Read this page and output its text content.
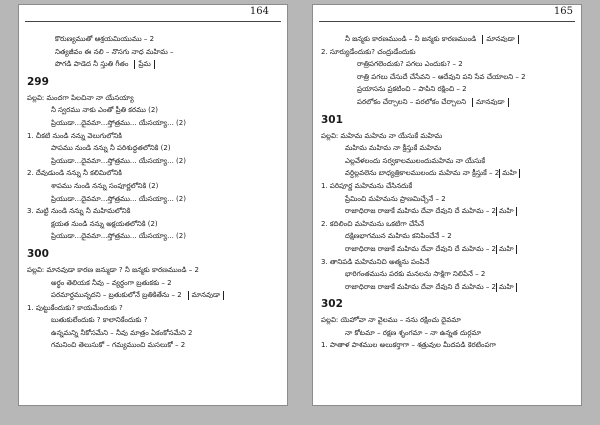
164
కొరుణ్యముతో ఆశ్రయమియుము – 2
నిత్యజీవం ఈ నలి – నొసగు నాధ మహిమ –
పొగడి పాడెద నీ స్తుతి గీతం ప్రేమ
299
పల్లవి: మందగా పిలచినా నా యేసయ్యా
నీ స్వరము నాకు ఎంతో ప్రీతి కరము (2)
ప్రియుడా...దైవమా...స్తోత్రము... యేసయ్యా... (2)
1. చీకటి నుండి నన్ను వెలుగులోనికి
పాపము నుండి నన్ను నీ పరిశుద్ధతలోనికి (2)
ప్రియుడా...దైవమా...స్తోత్రము... యేసయ్యా... (2)
2. దేవుడుండి నన్ను నీ కలిమిలోనికి
శాపము నుండి నన్ను సంపూర్ణలోనికి (2)
ప్రియుడా...దైవమా...స్తోత్రము... యేసయ్యా... (2)
3. మట్టి నుండి నన్ను నీ మహిమలోనికి
క్షయత నుండి నన్ను అక్షయతలోనికి (2)
ప్రియుడా...దైవమా...స్తోత్రము... యేసయ్యా... (2)
300
పల్లవి: మానవుడా కారణ జన్ముడా ? నీ జన్మకు కారణముండి – 2
అర్థం తెలియక నీవు – వ్యర్థంగా బ్రతుకకు – 2
పరమార్థమున్నదని – బ్రతుకులోనే బ్రతికితేను – 2 మానవుడా
1. పుట్టుకేందుకు? కాయమేందుకు ?
బుతుకులేందుకు ? కాలానికేందుకు ?
ఉన్నమన్ని నీకోసమేని – నీవు మాత్రం ఏకంకోసమేని 2
గమనించి తెలుసుకో – గమ్యముంచి మసలుకో – 2
165
నీ జన్మకు కారణముండి – నీ జన్మకు కారణముండి మానవుడా
2. సూర్యుడేందుకు? చంద్రుడేందుకు
రాత్రిపగలెందుకు? పగలు ఎందుకు? – 2
రాత్రి పగలు చేసుదే చేసేవని – ఆదేవుని పని సేవ చేయాలని – 2
ప్రయాసను ప్రకటించి – పాపిని రక్షించి – 2
పరలోకం చేర్చాలని – పరలోకం చేర్చాలని మానవుడా
301
పల్లవి: మహిమ మహిమ నా యేసుకే మహిమ
మహిమ మహిమ నా క్రీస్తుకే మహిమ
ఎల్లవేళలందు సర్వకాలములందుమహిమ నా యేసుకే
వర్ధిల్లవలెను బాధ్యత్రికాలములందు మహిమ నా క్రీస్తుకే – 2 మహి
1. పరిపూర్ణ మహిమను చేసినదుకే
ప్రేమించి మహిమను ప్రాణమిచ్చేనే – 2
రాజాధిరాజ రాజుకే మహిమ దేవా దేవుని దే మహిమ – 2 మహి
2. కదిలించి మహిమను ఒకటిగా చేసేనే
దక్షిణభాగమున మహిమ కనిపించేనే – 2
రాజాధిరాజ రాజుకే మహిమ దేవా దేవుని దే మహిమ – 2 మహి
3. తానిపడి మహిమనిచి అత్మను పంపినే
భారిగంతమును పరకు మనలను సాక్షిగా నిలిపేనే – 2
రాజాధిరాజ రాజుకే మహిమ దేవా దేవుని దే మహిమ – 2 మహి
302
పల్లవి: యెహోవా నా వైలము – నను రక్షించు దైవమా
నా కోటమా – రక్షణ శృంగమా – నా ఉన్నత దుర్గమా
1. పాతాళ పాశముల అలుకర్తాగా – శత్రువుల మీదపడి కెరటింపగా
